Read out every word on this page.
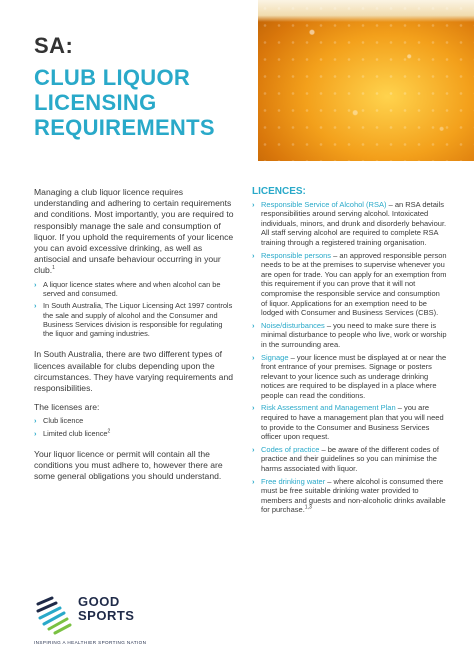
SA:
CLUB LIQUOR
LICENSING
REQUIREMENTS

Managing a club liquor licence requires understanding and adhering to certain requirements and conditions. Most importantly, you are required to responsibly manage the sale and consumption of liquor. If you uphold the requirements of your licence you can avoid excessive drinking, as well as antisocial and unsafe behaviour occurring in your club.$^1$

› A liquor licence states where and when alcohol can be served and consumed.
› In South Australia, The Liquor Licensing Act 1997 controls the sale and supply of alcohol and the Consumer and Business Services division is responsible for regulating the liquor and gaming industries.

In South Australia, there are two different types of licences available for clubs depending upon the circumstances. They have varying requirements and responsibilities.

The licenses are:

› Club licence
› Limited club licence$^2$

Your liquor licence or permit will contain all the conditions you must adhere to, however there are some general obligations you should understand.

LICENCES:
› Responsible Service of Alcohol (RSA) – an RSA details responsibilities around serving alcohol. Intoxicated individuals, minors, and drunk and disorderly behaviour. All staff serving alcohol are required to complete RSA training through a registered training organisation.
› Responsible persons – an approved responsible person needs to be at the premises to supervise whenever you are open for trade. You can apply for an exemption from this requirement if you can prove that it will not compromise the responsible service and consumption of liquor. Applications for an exemption need to be lodged with Consumer and Business Services (CBS).
› Noise/disturbances – you need to make sure there is minimal disturbance to people who live, work or worship in the surrounding area.
› Signage – your licence must be displayed at or near the front entrance of your premises. Signage or posters relevant to your licence such as underage drinking notices are required to be displayed in a place where people can read the conditions.
› Risk Assessment and Management Plan – you are required to have a management plan that you will need to provide to the Consumer and Business Services officer upon request.
› Codes of practice – be aware of the different codes of practice and their guidelines so you can minimise the harms associated with liquor.
› Free drinking water – where alcohol is consumed there must be free suitable drinking water provided to members and guests and non-alcoholic drinks available for purchase.$^{1,3}$
GOOD
SPORTS
INSPIRING A HEALTHIER SPORTING NATION
